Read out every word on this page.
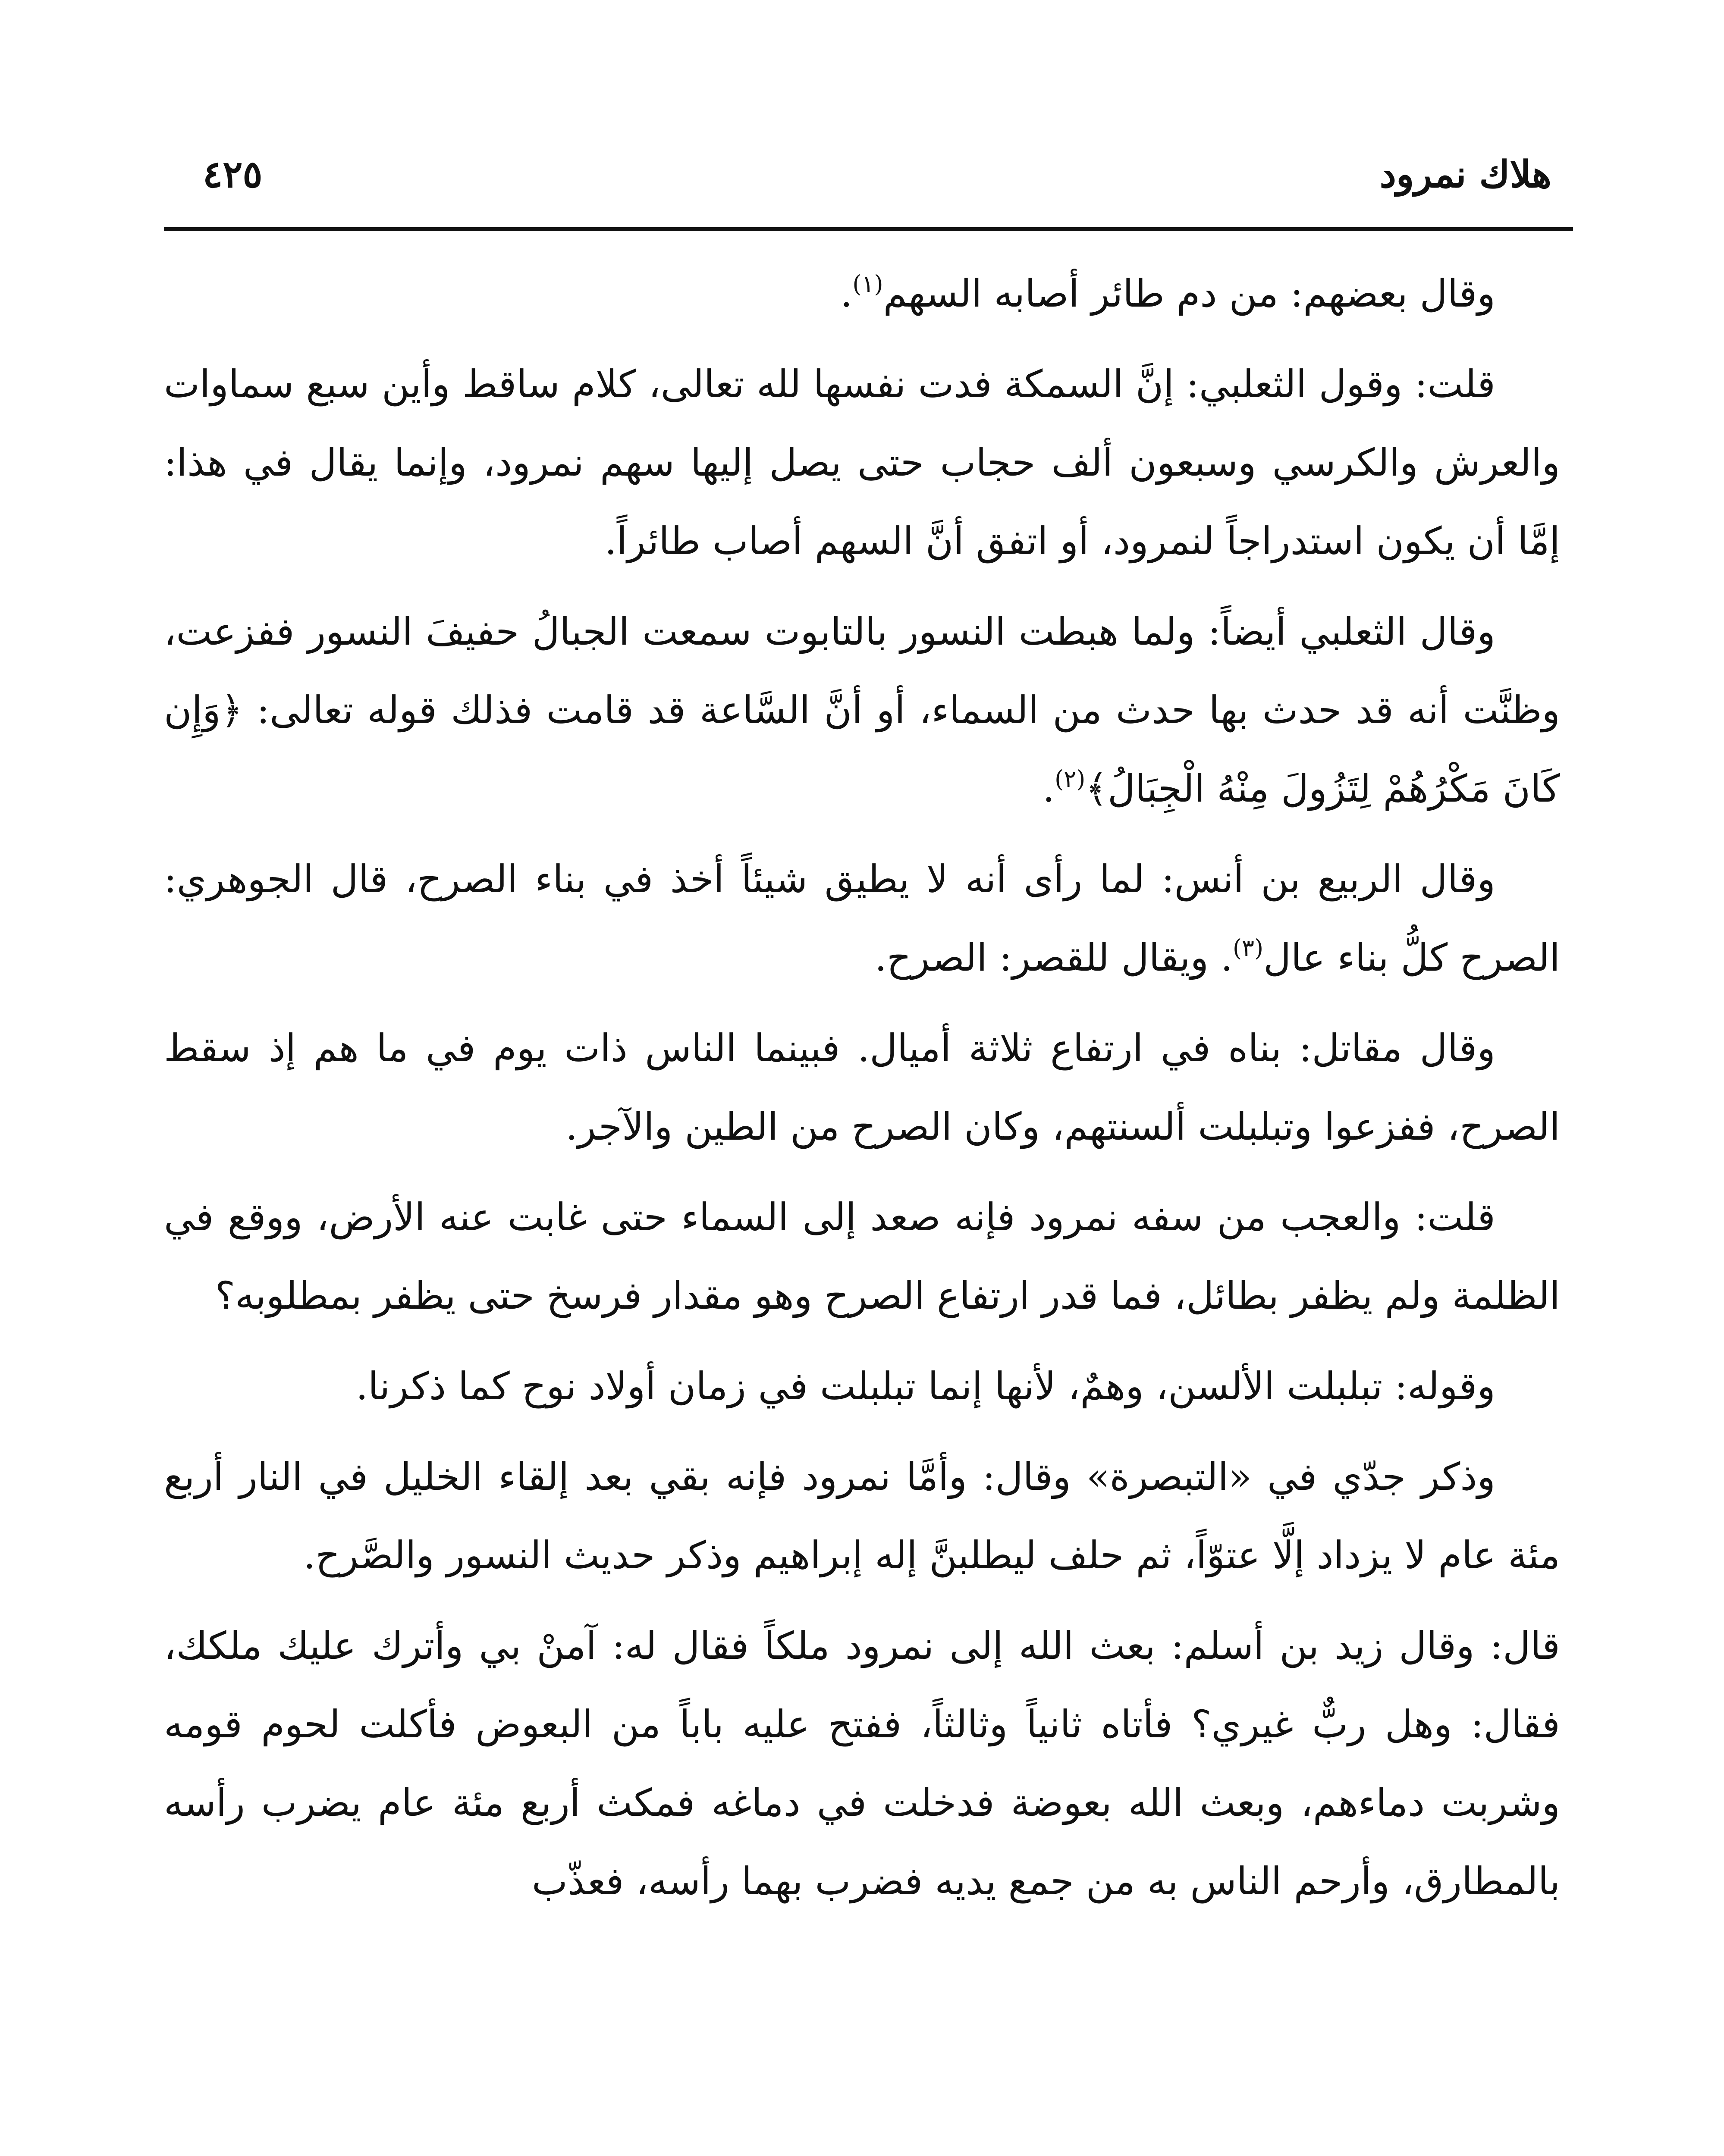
هلاك نمرود
٤٢٥

وقال بعضهم: من دم طائر أصابه السهم$^{(١)}$.

قلت: وقول الثعلبي: إنَّ السمكة فدت نفسها لله تعالى، كلام ساقط وأين سبع سماوات والعرش والكرسي وسبعون ألف حجاب حتى يصل إليها سهم نمرود، وإنما يقال في هذا: إمَّا أن يكون استدراجاً لنمرود، أو اتفق أنَّ السهم أصاب طائراً.

وقال الثعلبي أيضاً: ولما هبطت النسور بالتابوت سمعت الجبالُ حفيفَ النسور ففزعت، وظنَّت أنه قد حدث بها حدث من السماء، أو أنَّ السَّاعة قد قامت فذلك قوله تعالى: ﴿وَإِن كَانَ مَكْرُهُمْ لِتَزُولَ مِنْهُ الْجِبَالُ﴾$^{(٢)}$.

وقال الربيع بن أنس: لما رأى أنه لا يطيق شيئاً أخذ في بناء الصرح، قال الجوهري: الصرح كلُّ بناء عال$^{(٣)}$. ويقال للقصر: الصرح.

وقال مقاتل: بناه في ارتفاع ثلاثة أميال. فبينما الناس ذات يوم في ما هم إذ سقط الصرح، ففزعوا وتبلبلت ألسنتهم، وكان الصرح من الطين والآجر.

قلت: والعجب من سفه نمرود فإنه صعد إلى السماء حتى غابت عنه الأرض، ووقع في الظلمة ولم يظفر بطائل، فما قدر ارتفاع الصرح وهو مقدار فرسخ حتى يظفر بمطلوبه؟

وقوله: تبلبلت الألسن، وهمٌ، لأنها إنما تبلبلت في زمان أولاد نوح كما ذكرنا.

وذكر جدّي في «التبصرة» وقال: وأمَّا نمرود فإنه بقي بعد إلقاء الخليل في النار أربع مئة عام لا يزداد إلَّا عتوّاً، ثم حلف ليطلبنَّ إله إبراهيم وذكر حديث النسور والصَّرح.

قال: وقال زيد بن أسلم: بعث الله إلى نمرود ملكاً فقال له: آمنْ بي وأترك عليك ملكك، فقال: وهل ربٌّ غيري؟ فأتاه ثانياً وثالثاً، ففتح عليه باباً من البعوض فأكلت لحوم قومه وشربت دماءهم، وبعث الله بعوضة فدخلت في دماغه فمكث أربع مئة عام يضرب رأسه بالمطارق، وأرحم الناس به من جمع يديه فضرب بهما رأسه، فعذّب
